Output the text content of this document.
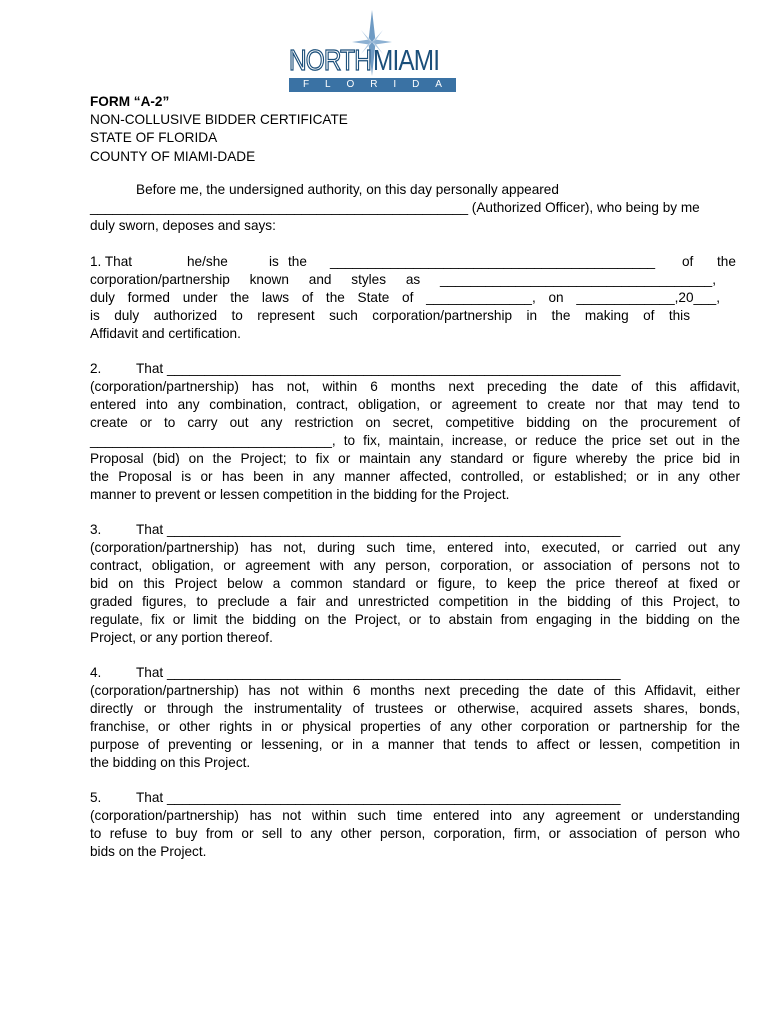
NORTH MIAMI
F L O R I D A
FORM “A-2”
NON-COLLUSIVE BIDDER CERTIFICATE
STATE OF FLORIDA
COUNTY OF MIAMI-DADE
Before me, the undersigned authority, on this day personally appeared
__________________________________________________ (Authorized Officer), who being by me
duly sworn, deposes and says:
1. That	he/she	is the ___________________________________________ of the
corporation/partnership known and styles as ____________________________________,
duly formed under the laws of the State of ______________, on _____________,20___,
is duly authorized to represent such corporation/partnership in the making of this
Affidavit and certification.
2.	That ____________________________________________________________
(corporation/partnership) has not, within 6 months next preceding the date of this affidavit,
entered into any combination, contract, obligation, or agreement to create nor that may tend to
create or to carry out any restriction on secret, competitive bidding on the procurement of
________________________________, to fix, maintain, increase, or reduce the price set out in the
Proposal (bid) on the Project; to fix or maintain any standard or figure whereby the price bid in
the Proposal is or has been in any manner affected, controlled, or established; or in any other
manner to prevent or lessen competition in the bidding for the Project.
3.	That ____________________________________________________________
(corporation/partnership) has not, during such time, entered into, executed, or carried out any
contract, obligation, or agreement with any person, corporation, or association of persons not to
bid on this Project below a common standard or figure, to keep the price thereof at fixed or
graded figures, to preclude a fair and unrestricted competition in the bidding of this Project, to
regulate, fix or limit the bidding on the Project, or to abstain from engaging in the bidding on the
Project, or any portion thereof.
4.	That ____________________________________________________________
(corporation/partnership) has not within 6 months next preceding the date of this Affidavit, either
directly or through the instrumentality of trustees or otherwise, acquired assets shares, bonds,
franchise, or other rights in or physical properties of any other corporation or partnership for the
purpose of preventing or lessening, or in a manner that tends to affect or lessen, competition in
the bidding on this Project.
5.	That ____________________________________________________________
(corporation/partnership) has not within such time entered into any agreement or understanding
to refuse to buy from or sell to any other person, corporation, firm, or association of person who
bids on the Project.
